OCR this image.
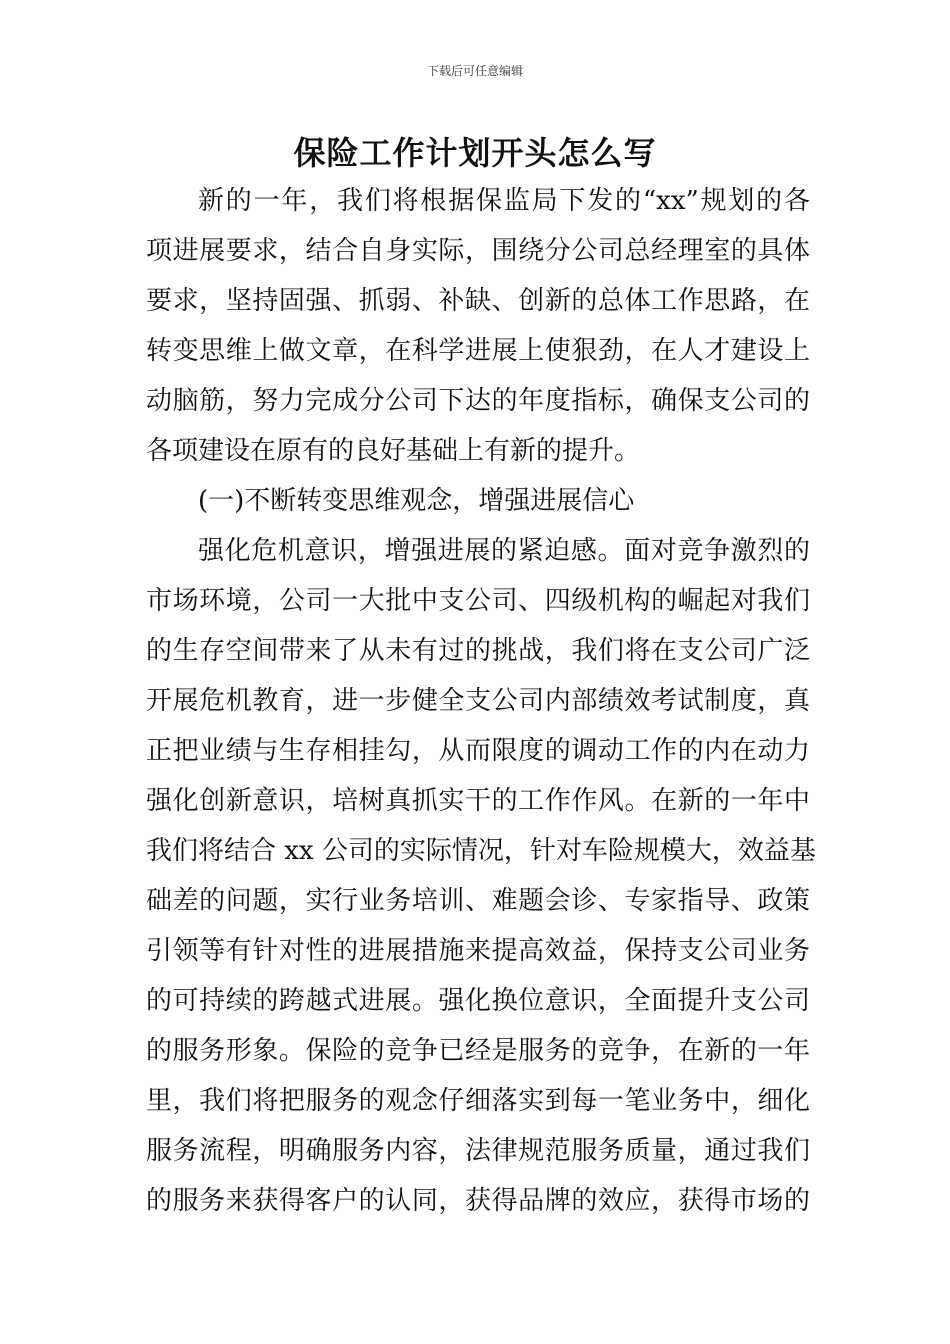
下载后可任意编辑
保险工作计划开头怎么写
新的一年，我们将根据保监局下发的“xx”规划的各
项进展要求，结合自身实际，围绕分公司总经理室的具体
要求，坚持固强、抓弱、补缺、创新的总体工作思路，在
转变思维上做文章，在科学进展上使狠劲，在人才建设上
动脑筋，努力完成分公司下达的年度指标，确保支公司的
各项建设在原有的良好基础上有新的提升。
(一)不断转变思维观念，增强进展信心
强化危机意识，增强进展的紧迫感。面对竞争激烈的
市场环境，公司一大批中支公司、四级机构的崛起对我们
的生存空间带来了从未有过的挑战，我们将在支公司广泛
开展危机教育，进一步健全支公司内部绩效考试制度，真
正把业绩与生存相挂勾，从而限度的调动工作的内在动力
强化创新意识，培树真抓实干的工作作风。在新的一年中
我们将结合 xx 公司的实际情况，针对车险规模大，效益基
础差的问题，实行业务培训、难题会诊、专家指导、政策
引领等有针对性的进展措施来提高效益，保持支公司业务
的可持续的跨越式进展。强化换位意识，全面提升支公司
的服务形象。保险的竞争已经是服务的竞争，在新的一年
里，我们将把服务的观念仔细落实到每一笔业务中，细化
服务流程，明确服务内容，法律规范服务质量，通过我们
的服务来获得客户的认同，获得品牌的效应，获得市场的
